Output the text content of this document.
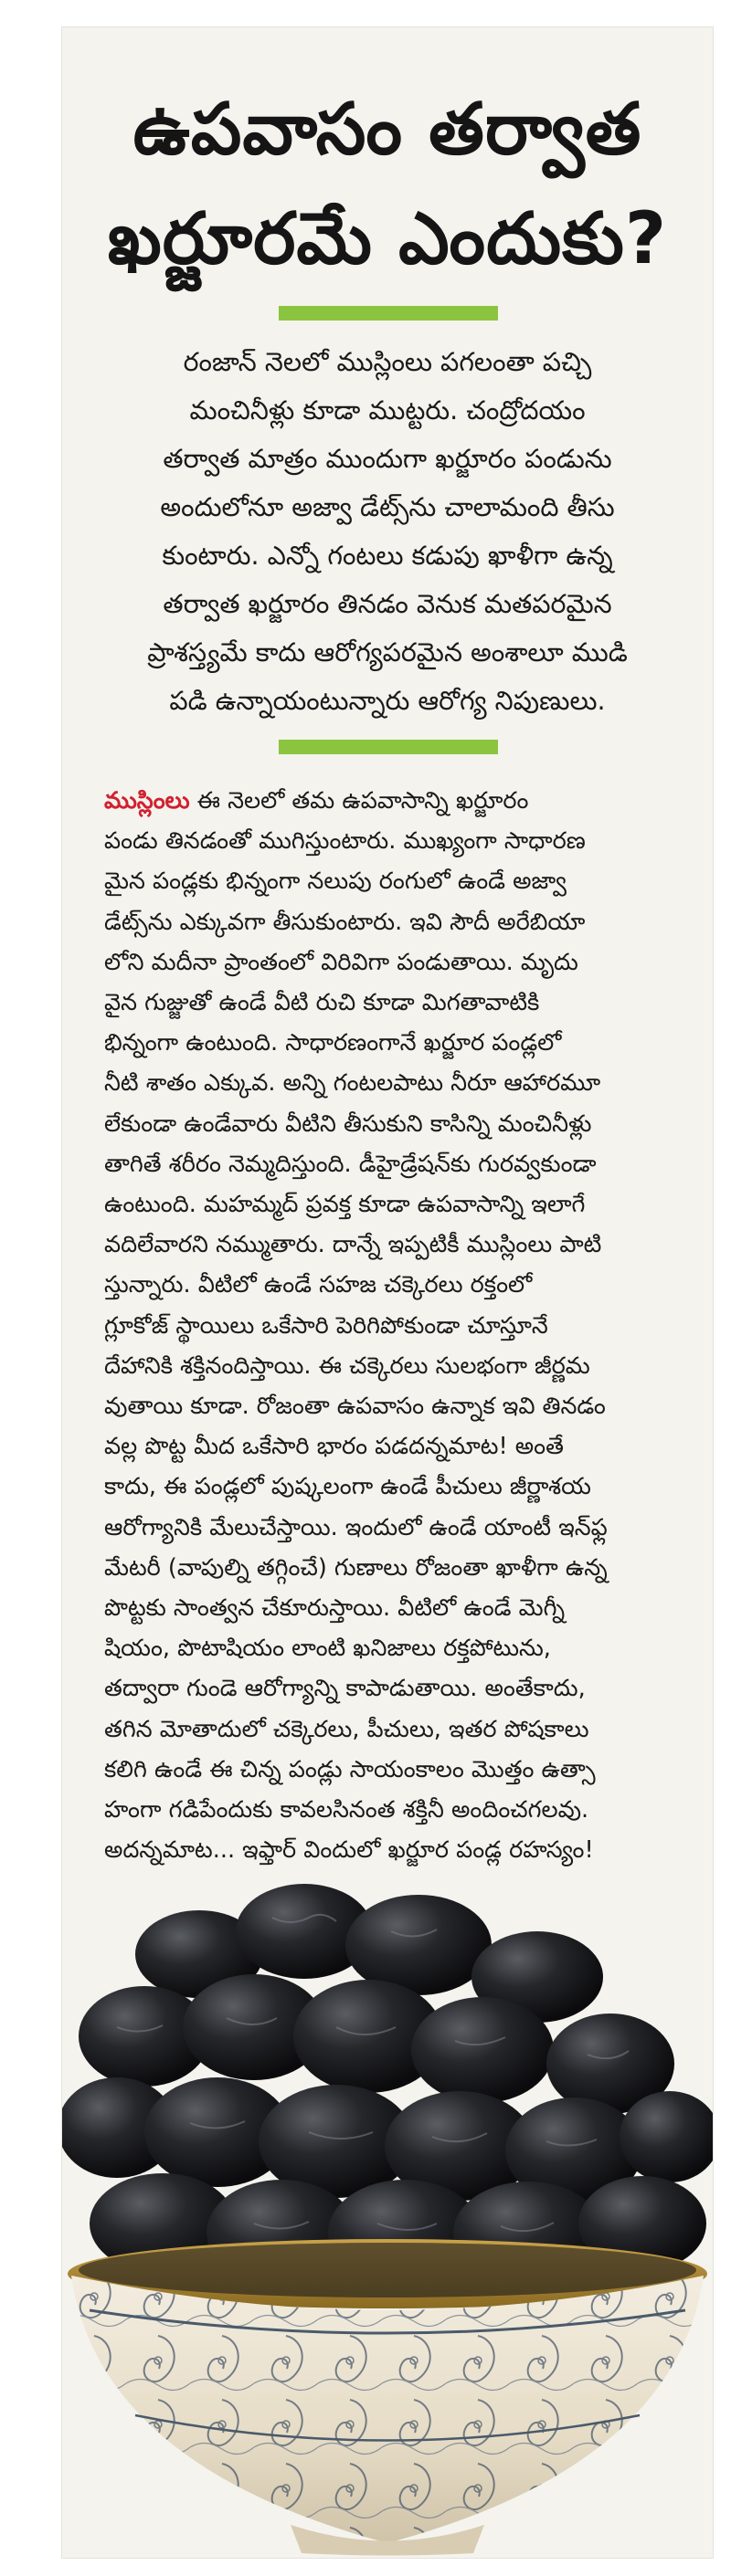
ఉపవాసం తర్వాత
ఖర్జూరమే ఎందుకు?
రంజాన్ నెలలో ముస్లింలు పగలంతా పచ్చి
మంచినీళ్లు కూడా ముట్టరు. చంద్రోదయం
తర్వాత మాత్రం ముందుగా ఖర్జూరం పండును
అందులోనూ అజ్వా డేట్స్‌ను చాలామంది తీసు
కుంటారు. ఎన్నో గంటలు కడుపు ఖాళీగా ఉన్న
తర్వాత ఖర్జూరం తినడం వెనుక మతపరమైన
ప్రాశస్త్యమే కాదు ఆరోగ్యపరమైన అంశాలూ ముడి
పడి ఉన్నాయంటున్నారు ఆరోగ్య నిపుణులు.
ముస్లింలు ఈ నెలలో తమ ఉపవాసాన్ని ఖర్జూరం
పండు తినడంతో ముగిస్తుంటారు. ముఖ్యంగా సాధారణ
మైన పండ్లకు భిన్నంగా నలుపు రంగులో ఉండే అజ్వా
డేట్స్‌ను ఎక్కువగా తీసుకుంటారు. ఇవి సౌదీ అరేబియా
లోని మదీనా ప్రాంతంలో విరివిగా పండుతాయి. మృదు
వైన గుజ్జుతో ఉండే వీటి రుచి కూడా మిగతావాటికి
భిన్నంగా ఉంటుంది. సాధారణంగానే ఖర్జూర పండ్లలో
నీటి శాతం ఎక్కువ. అన్ని గంటలపాటు నీరూ ఆహారమూ
లేకుండా ఉండేవారు వీటిని తీసుకుని కాసిన్ని మంచినీళ్లు
తాగితే శరీరం నెమ్మదిస్తుంది. డీహైడ్రేషన్‌కు గురవ్వకుండా
ఉంటుంది. మహమ్మద్ ప్రవక్త కూడా ఉపవాసాన్ని ఇలాగే
వదిలేవారని నమ్ముతారు. దాన్నే ఇప్పటికీ ముస్లింలు పాటి
స్తున్నారు. వీటిలో ఉండే సహజ చక్కెరలు రక్తంలో
గ్లూకోజ్ స్థాయిలు ఒకేసారి పెరిగిపోకుండా చూస్తూనే
దేహానికి శక్తినందిస్తాయి. ఈ చక్కెరలు సులభంగా జీర్ణమ
వుతాయి కూడా. రోజంతా ఉపవాసం ఉన్నాక ఇవి తినడం
వల్ల పొట్ట మీద ఒకేసారి భారం పడదన్నమాట! అంతే
కాదు, ఈ పండ్లలో పుష్కలంగా ఉండే పీచులు జీర్ణాశయ
ఆరోగ్యానికి మేలుచేస్తాయి. ఇందులో ఉండే యాంటీ ఇన్‌ఫ్ల
మేటరీ (వాపుల్ని తగ్గించే) గుణాలు రోజంతా ఖాళీగా ఉన్న
పొట్టకు సాంత్వన చేకూరుస్తాయి. వీటిలో ఉండే మెగ్నీ
షియం, పొటాషియం లాంటి ఖనిజాలు రక్తపోటును,
తద్వారా గుండె ఆరోగ్యాన్ని కాపాడుతాయి. అంతేకాదు,
తగిన మోతాదులో చక్కెరలు, పీచులు, ఇతర పోషకాలు
కలిగి ఉండే ఈ చిన్న పండ్లు సాయంకాలం మొత్తం ఉత్సా
హంగా గడిపేందుకు కావలసినంత శక్తినీ అందించగలవు.
అదన్నమాట... ఇఫ్తార్ విందులో ఖర్జూర పండ్ల రహస్యం!
